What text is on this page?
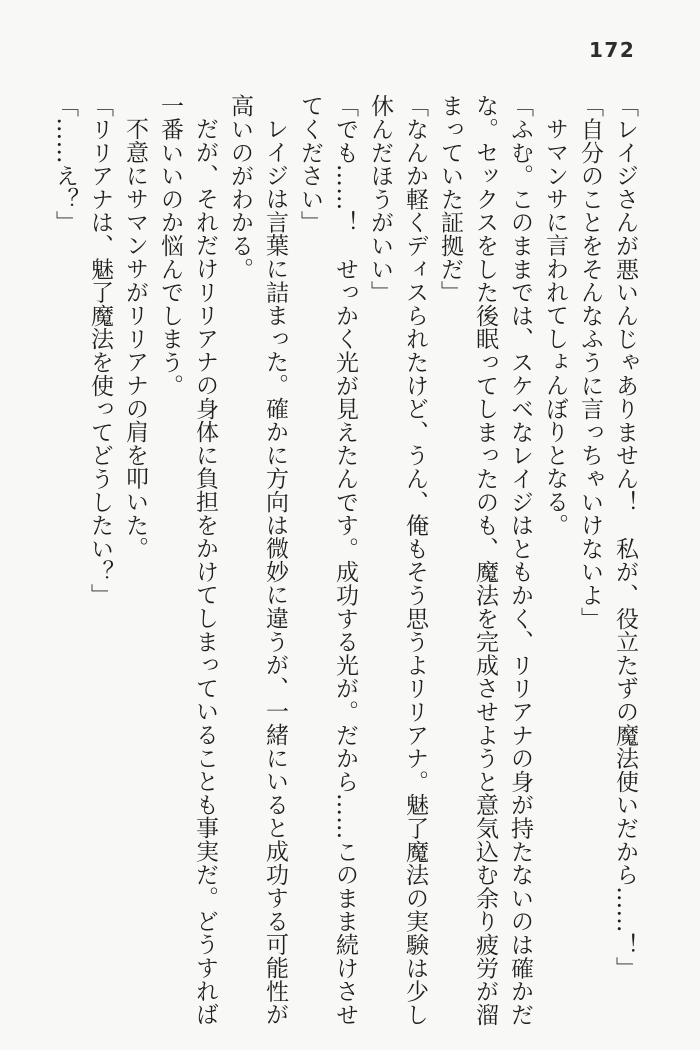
172

「レイジさんが悪いんじゃありません！　私が、役立たずの魔法使いだから……！」

「自分のことをそんなふうに言っちゃいけないよ」

サマンサに言われてしょんぼりとなる。

「ふむ。このままでは、スケベなレイジはともかく、リリアナの身が持たないのは確かだな。セックスをした後眠ってしまったのも、魔法を完成させようと意気込む余り疲労が溜まっていた証拠だ」

「なんか軽くディスられたけど、うん、俺もそう思うよリリアナ。魅了魔法の実験は少し休んだほうがいい」

「でも……！　せっかく光が見えたんです。成功する光が。だから……このまま続けさせてください」

レイジは言葉に詰まった。確かに方向は微妙に違うが、一緒にいると成功する可能性が高いのがわかる。

だが、それだけリリアナの身体に負担をかけてしまっていることも事実だ。どうすれば一番いいのか悩んでしまう。

不意にサマンサがリリアナの肩を叩いた。

「リリアナは、魅了魔法を使ってどうしたい？」

「……え？」
